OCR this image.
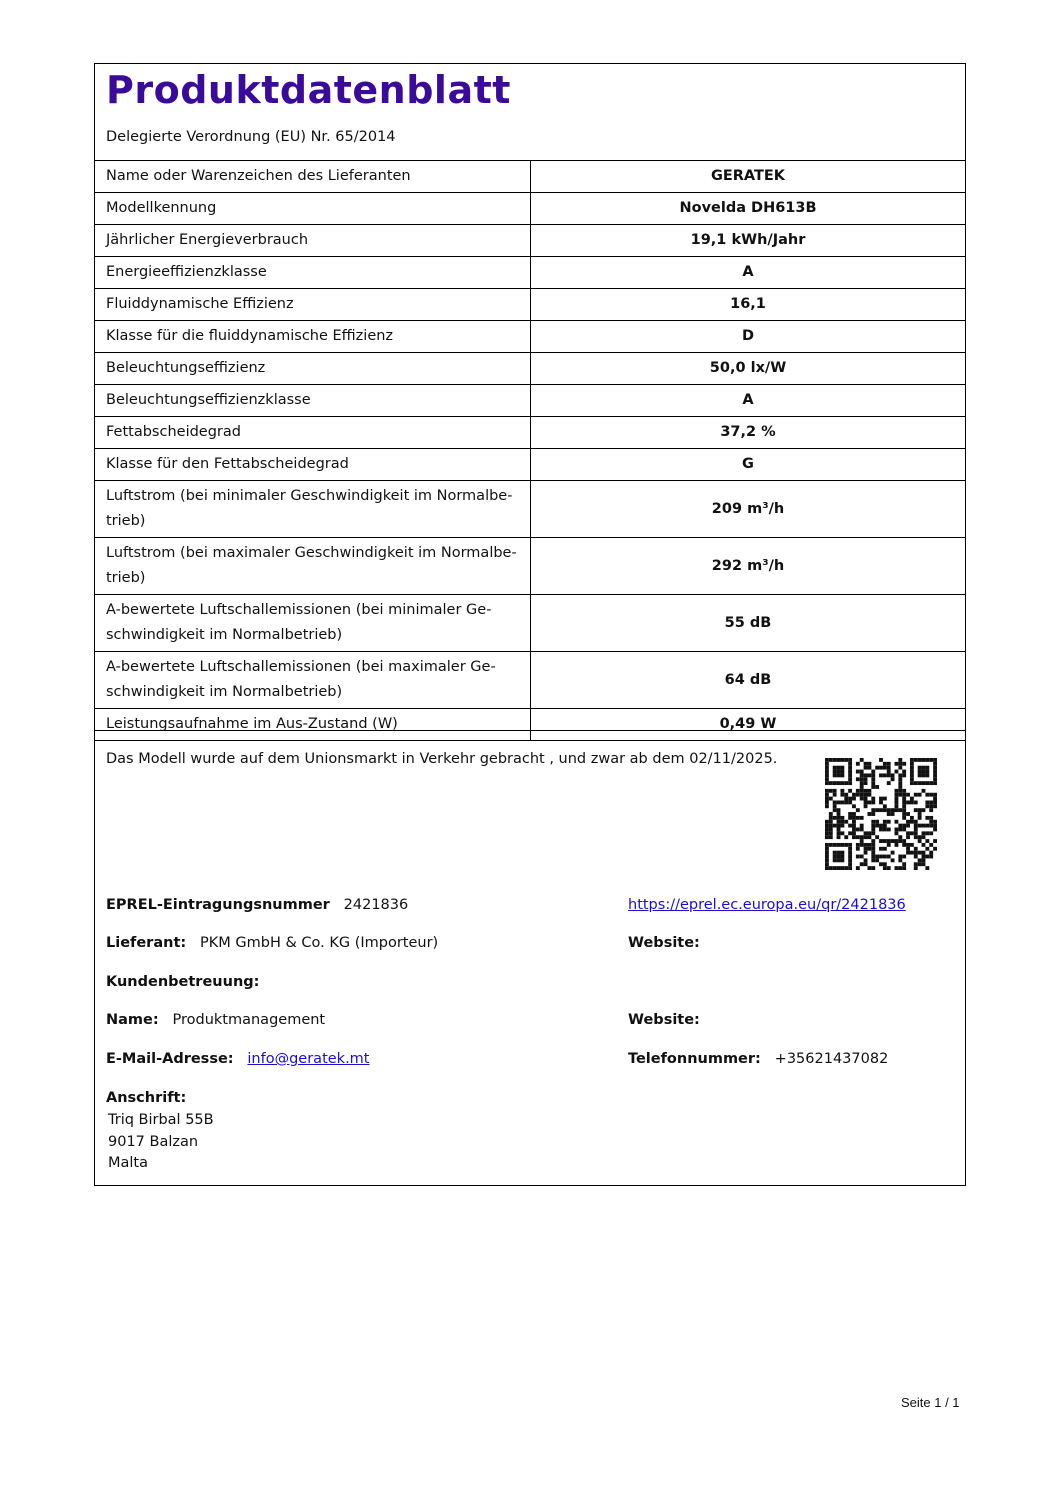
Produktdatenblatt
Delegierte Verordnung (EU) Nr. 65/2014
Name oder Warenzeichen des Lieferanten	GERATEK
Modellkennung	Novelda DH613B
Jährlicher Energieverbrauch	19,1 kWh/Jahr
Energieeffizienzklasse	A
Fluiddynamische Effizienz	16,1
Klasse für die fluiddynamische Effizienz	D
Beleuchtungseffizienz	50,0 lx/W
Beleuchtungseffizienzklasse	A
Fettabscheidegrad	37,2 %
Klasse für den Fettabscheidegrad	G
Luftstrom (bei minimaler Geschwindigkeit im Normalbe-trieb)	209 m³/h
Luftstrom (bei maximaler Geschwindigkeit im Normalbe-trieb)	292 m³/h
A-bewertete Luftschallemissionen (bei minimaler Ge-schwindigkeit im Normalbetrieb)	55 dB
A-bewertete Luftschallemissionen (bei maximaler Ge-schwindigkeit im Normalbetrieb)	64 dB
Leistungsaufnahme im Aus-Zustand (W)	0,49 W
Das Modell wurde auf dem Unionsmarkt in Verkehr gebracht , und zwar ab dem 02/11/2025.
EPREL-Eintragungsnummer 2421836	https://eprel.ec.europa.eu/qr/2421836
Lieferant: PKM GmbH & Co. KG (Importeur)	Website:
Kundenbetreuung:
Name: Produktmanagement	Website:
E-Mail-Adresse: info@geratek.mt	Telefonnummer: +35621437082
Anschrift:
Triq Birbal 55B
9017 Balzan
Malta
Seite 1 / 1
